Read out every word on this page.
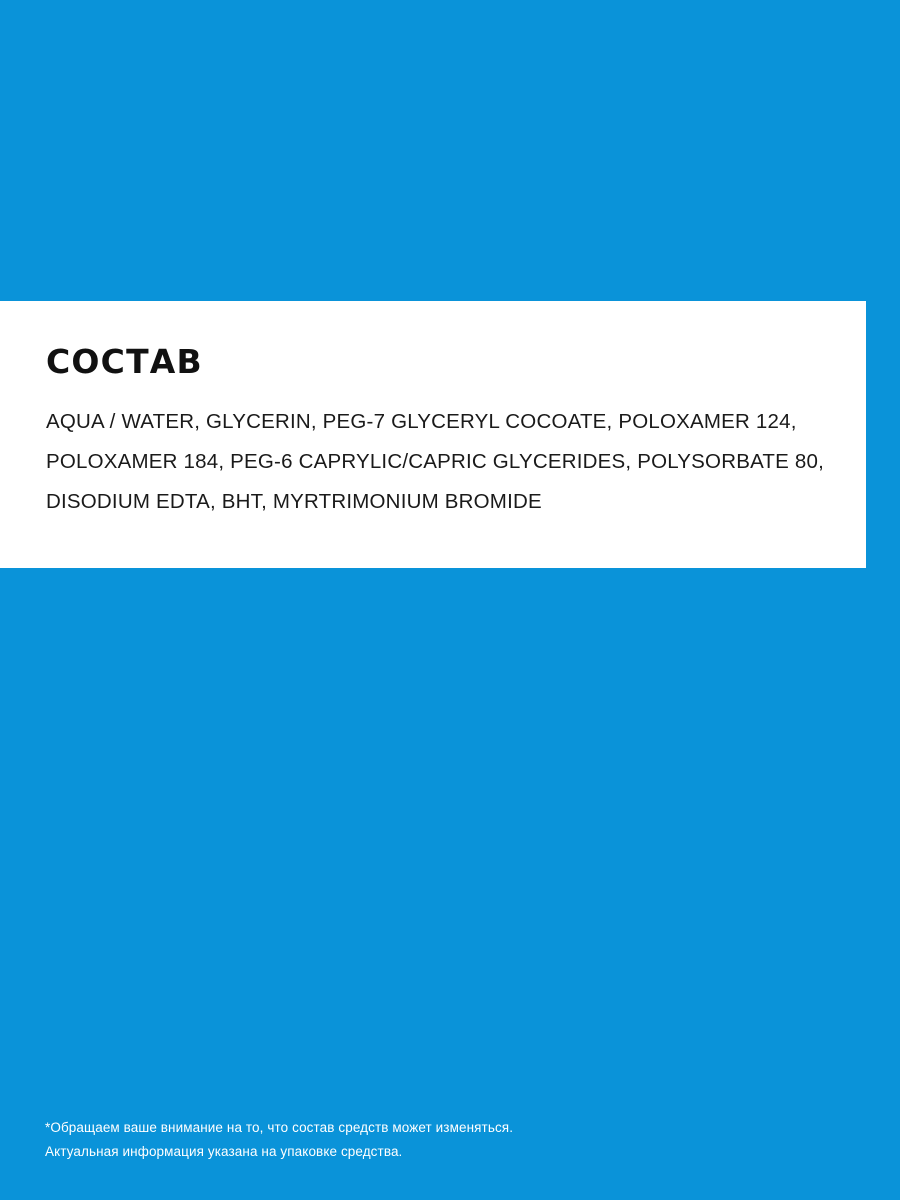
СОСТАВ

AQUA / WATER, GLYCERIN, PEG-7 GLYCERYL COCOATE, POLOXAMER 124, POLOXAMER 184, PEG-6 CAPRYLIC/CAPRIC GLYCERIDES, POLYSORBATE 80, DISODIUM EDTA, BHT, MYRTRIMONIUM BROMIDE

*Обращаем ваше внимание на то, что состав средств может изменяться.

Актуальная информация указана на упаковке средства.
